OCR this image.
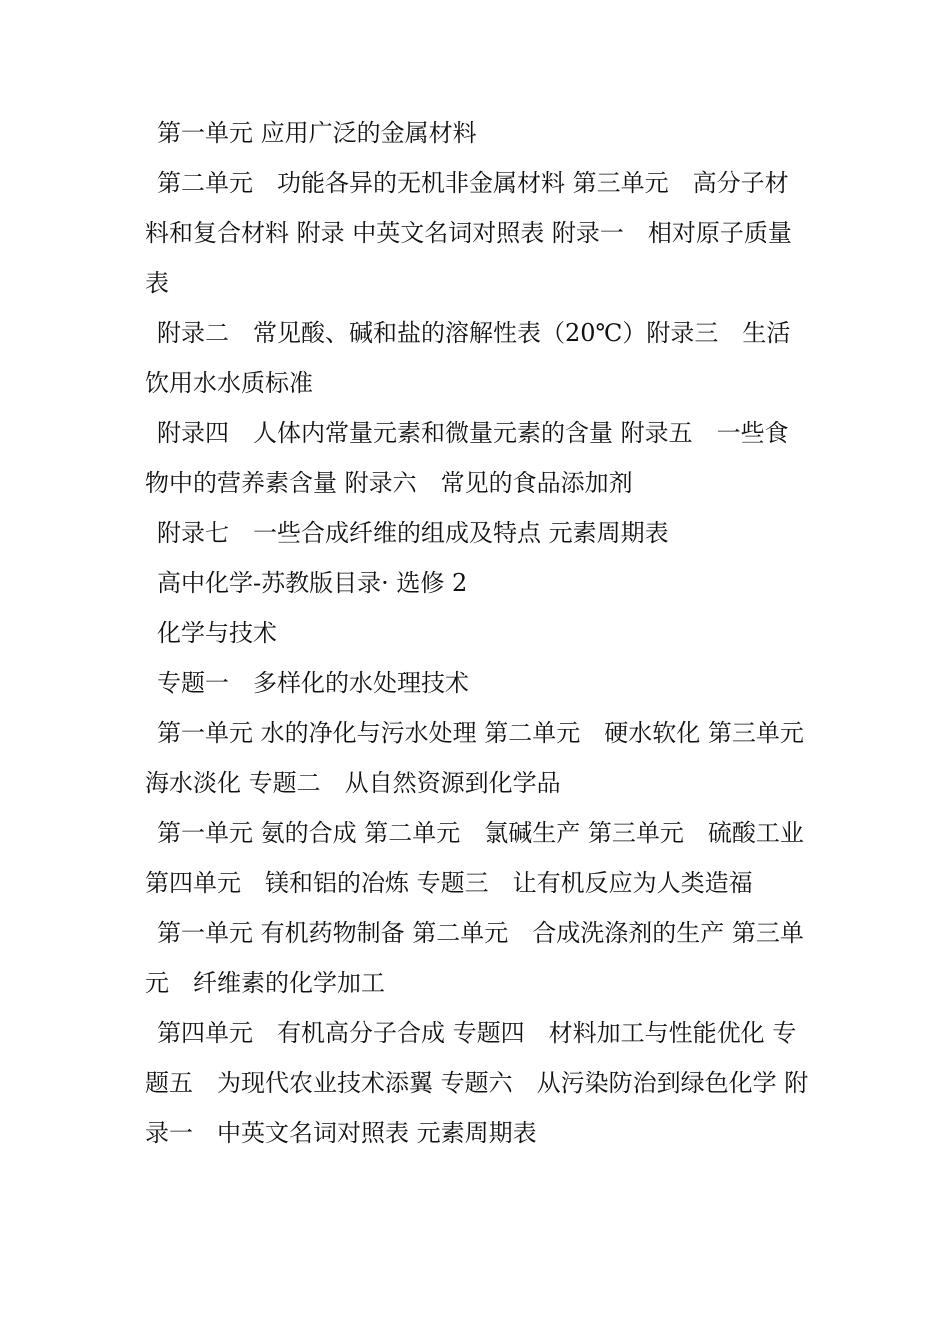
第一单元 应用广泛的金属材料

第二单元　功能各异的无机非金属材料 第三单元　高分子材料和复合材料 附录 中英文名词对照表 附录一　相对原子质量表

附录二　常见酸、碱和盐的溶解性表（20℃）附录三　生活饮用水水质标准

附录四　人体内常量元素和微量元素的含量 附录五　一些食物中的营养素含量 附录六　常见的食品添加剂

附录七　一些合成纤维的组成及特点 元素周期表

高中化学-苏教版目录· 选修 2

化学与技术

专题一　多样化的水处理技术

第一单元 水的净化与污水处理 第二单元　硬水软化 第三单元　海水淡化 专题二　从自然资源到化学品

第一单元 氨的合成 第二单元　氯碱生产 第三单元　硫酸工业 第四单元　镁和铝的冶炼 专题三　让有机反应为人类造福

第一单元 有机药物制备 第二单元　合成洗涤剂的生产 第三单元　纤维素的化学加工

第四单元　有机高分子合成 专题四　材料加工与性能优化 专题五　为现代农业技术添翼 专题六　从污染防治到绿色化学 附录一　中英文名词对照表 元素周期表
